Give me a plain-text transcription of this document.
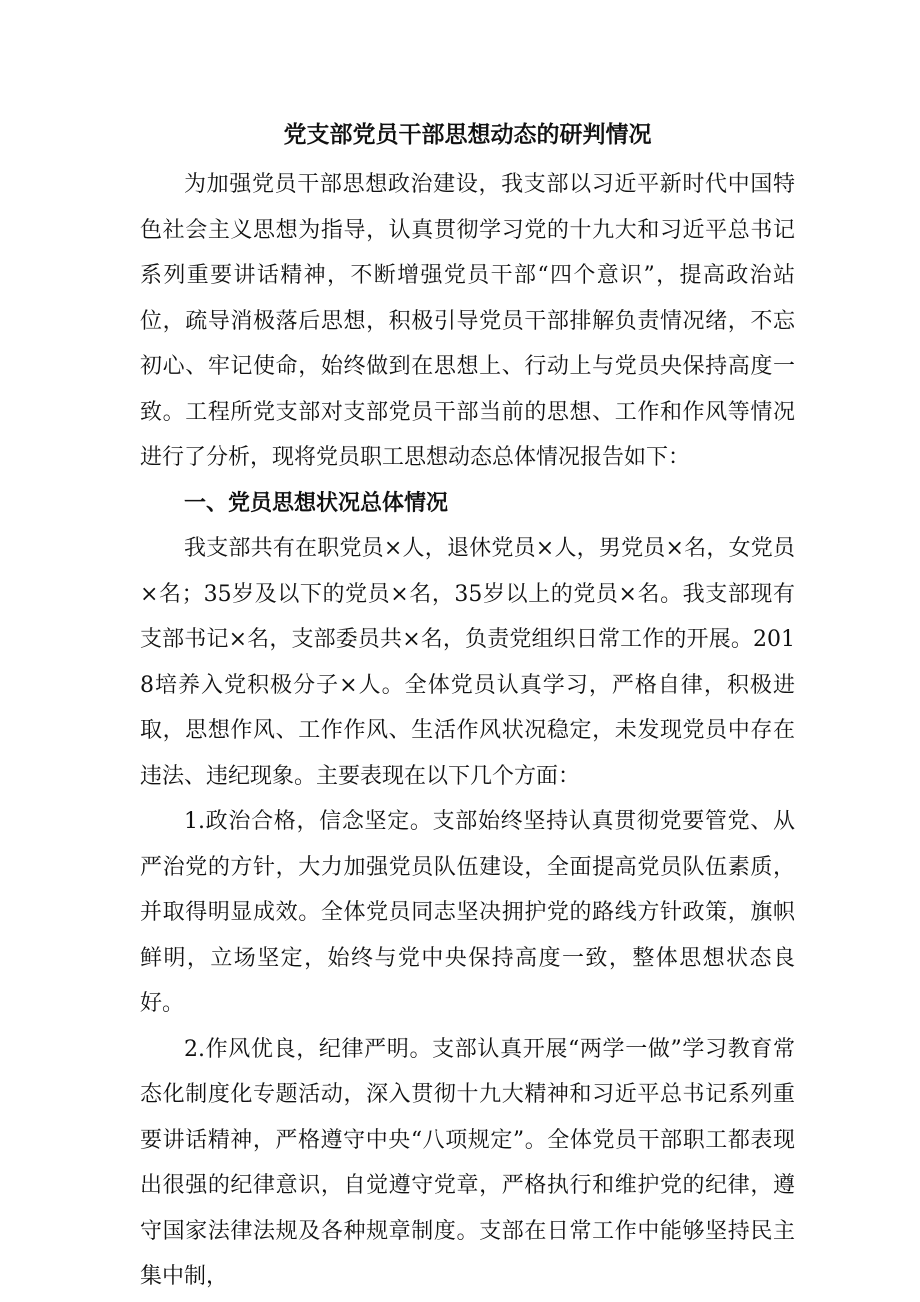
党支部党员干部思想动态的研判情况

为加强党员干部思想政治建设，我支部以习近平新时代中国特色社会主义思想为指导，认真贯彻学习党的十九大和习近平总书记系列重要讲话精神，不断增强党员干部“四个意识”，提高政治站位，疏导消极落后思想，积极引导党员干部排解负责情况绪，不忘初心、牢记使命，始终做到在思想上、行动上与党员央保持高度一致。工程所党支部对支部党员干部当前的思想、工作和作风等情况进行了分析，现将党员职工思想动态总体情况报告如下：

一、党员思想状况总体情况

我支部共有在职党员×人，退休党员×人，男党员×名，女党员×名；35岁及以下的党员×名，35岁以上的党员×名。我支部现有支部书记×名，支部委员共×名，负责党组织日常工作的开展。2018培养入党积极分子×人。全体党员认真学习，严格自律，积极进取，思想作风、工作作风、生活作风状况稳定，未发现党员中存在违法、违纪现象。主要表现在以下几个方面：

1.政治合格，信念坚定。支部始终坚持认真贯彻党要管党、从严治党的方针，大力加强党员队伍建设，全面提高党员队伍素质，并取得明显成效。全体党员同志坚决拥护党的路线方针政策，旗帜鲜明，立场坚定，始终与党中央保持高度一致，整体思想状态良好。

2.作风优良，纪律严明。支部认真开展“两学一做”学习教育常态化制度化专题活动，深入贯彻十九大精神和习近平总书记系列重要讲话精神，严格遵守中央“八项规定”。全体党员干部职工都表现出很强的纪律意识，自觉遵守党章，严格执行和维护党的纪律，遵守国家法律法规及各种规章制度。支部在日常工作中能够坚持民主集中制，
